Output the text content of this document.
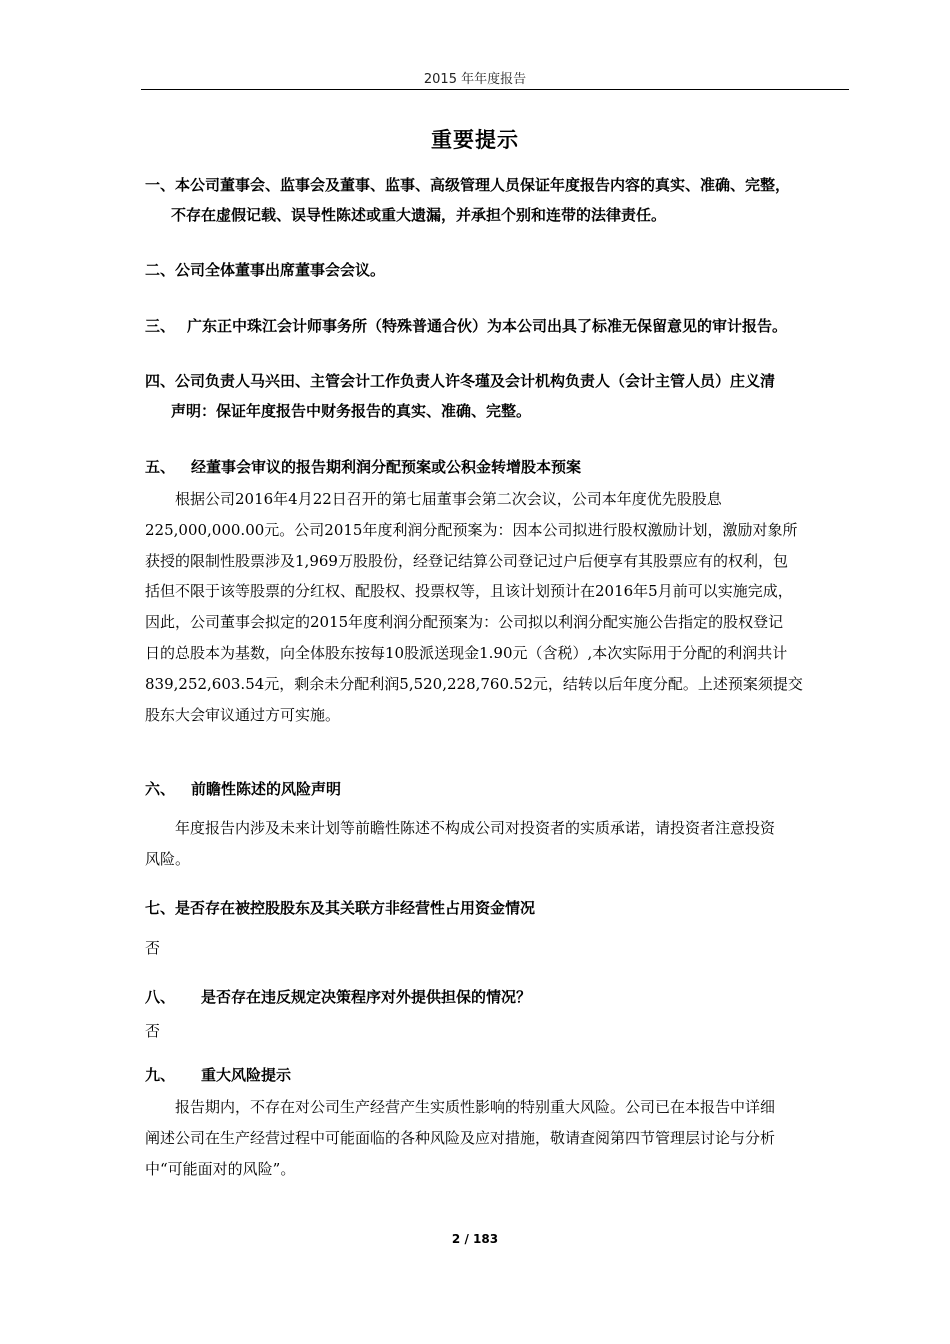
2015 年年度报告
重要提示
一、本公司董事会、监事会及董事、监事、高级管理人员保证年度报告内容的真实、准确、完整，
不存在虚假记载、误导性陈述或重大遗漏，并承担个别和连带的法律责任。
二、公司全体董事出席董事会会议。
三、 广东正中珠江会计师事务所（特殊普通合伙）为本公司出具了标准无保留意见的审计报告。
四、公司负责人马兴田、主管会计工作负责人许冬瑾及会计机构负责人（会计主管人员）庄义清
声明：保证年度报告中财务报告的真实、准确、完整。
五、 经董事会审议的报告期利润分配预案或公积金转增股本预案
根据公司2016年4月22日召开的第七届董事会第二次会议，公司本年度优先股股息
225,000,000.00元。公司2015年度利润分配预案为：因本公司拟进行股权激励计划，激励对象所
获授的限制性股票涉及1,969万股股份，经登记结算公司登记过户后便享有其股票应有的权利，包
括但不限于该等股票的分红权、配股权、投票权等，且该计划预计在2016年5月前可以实施完成，
因此，公司董事会拟定的2015年度利润分配预案为：公司拟以利润分配实施公告指定的股权登记
日的总股本为基数，向全体股东按每10股派送现金1.90元（含税）,本次实际用于分配的利润共计
839,252,603.54元，剩余未分配利润5,520,228,760.52元，结转以后年度分配。上述预案须提交
股东大会审议通过方可实施。
六、 前瞻性陈述的风险声明
年度报告内涉及未来计划等前瞻性陈述不构成公司对投资者的实质承诺，请投资者注意投资
风险。
七、是否存在被控股股东及其关联方非经营性占用资金情况
否
八、 是否存在违反规定决策程序对外提供担保的情况？
否
九、 重大风险提示
报告期内，不存在对公司生产经营产生实质性影响的特别重大风险。公司已在本报告中详细
阐述公司在生产经营过程中可能面临的各种风险及应对措施，敬请查阅第四节管理层讨论与分析
中“可能面对的风险”。
2 / 183
